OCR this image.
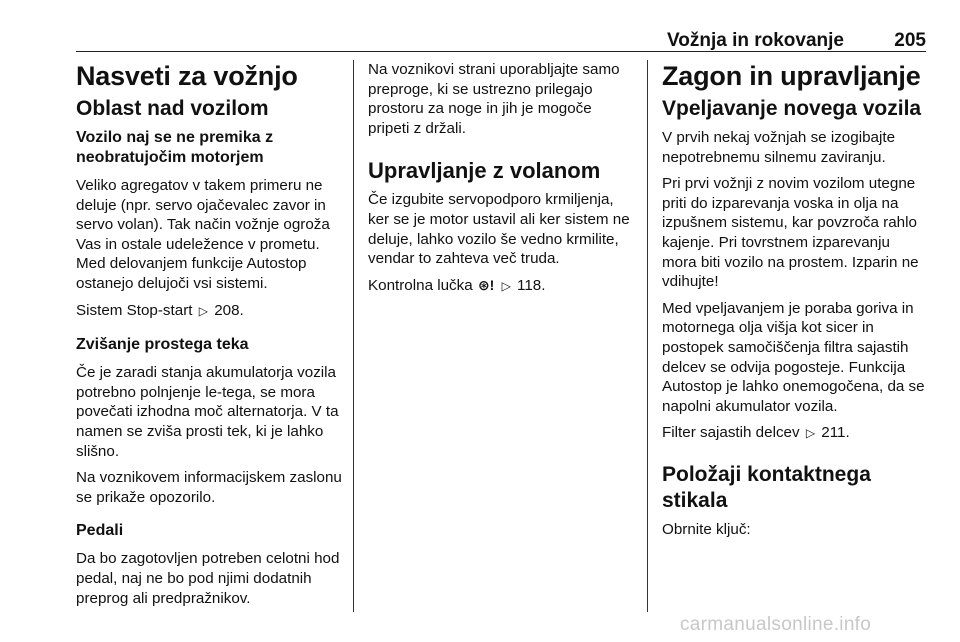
Vožnja in rokovanje	205
Nasveti za vožnjo
Oblast nad vozilom
Vozilo naj se ne premika z neobratujočim motorjem
Veliko agregatov v takem primeru ne deluje (npr. servo ojačevalec zavor in servo volan). Tak način vožnje ogroža Vas in ostale udeležence v prometu. Med delovanjem funkcije Autostop ostanejo delujoči vsi sistemi.
Sistem Stop-start ▷ 208.
Zvišanje prostega teka
Če je zaradi stanja akumulatorja vozila potrebno polnjenje le-tega, se mora povečati izhodna moč alternatorja. V ta namen se zviša prosti tek, ki je lahko slišno.
Na voznikovem informacijskem zaslonu se prikaže opozorilo.
Pedali
Da bo zagotovljen potreben celotni hod pedal, naj ne bo pod njimi dodatnih preprog ali predpražnikov.
Na voznikovi strani uporabljajte samo preproge, ki se ustrezno prilegajo prostoru za noge in jih je mogoče pripeti z držali.
Upravljanje z volanom
Če izgubite servopodporo krmiljenja, ker se je motor ustavil ali ker sistem ne deluje, lahko vozilo še vedno krmilite, vendar to zahteva več truda.
Kontrolna lučka ⊛! ▷ 118.
Zagon in upravljanje
Vpeljavanje novega vozila
V prvih nekaj vožnjah se izogibajte nepotrebnemu silnemu zaviranju.
Pri prvi vožnji z novim vozilom utegne priti do izparevanja voska in olja na izpušnem sistemu, kar povzroča rahlo kajenje. Pri tovrstnem izparevanju mora biti vozilo na prostem. Izparin ne vdihujte!
Med vpeljavanjem je poraba goriva in motornega olja višja kot sicer in postopek samočiščenja filtra sajastih delcev se odvija pogosteje. Funkcija Autostop je lahko onemogočena, da se napolni akumulator vozila.
Filter sajastih delcev ▷ 211.
Položaji kontaktnega stikala
Obrnite ključ:
carmanualsonline.info
